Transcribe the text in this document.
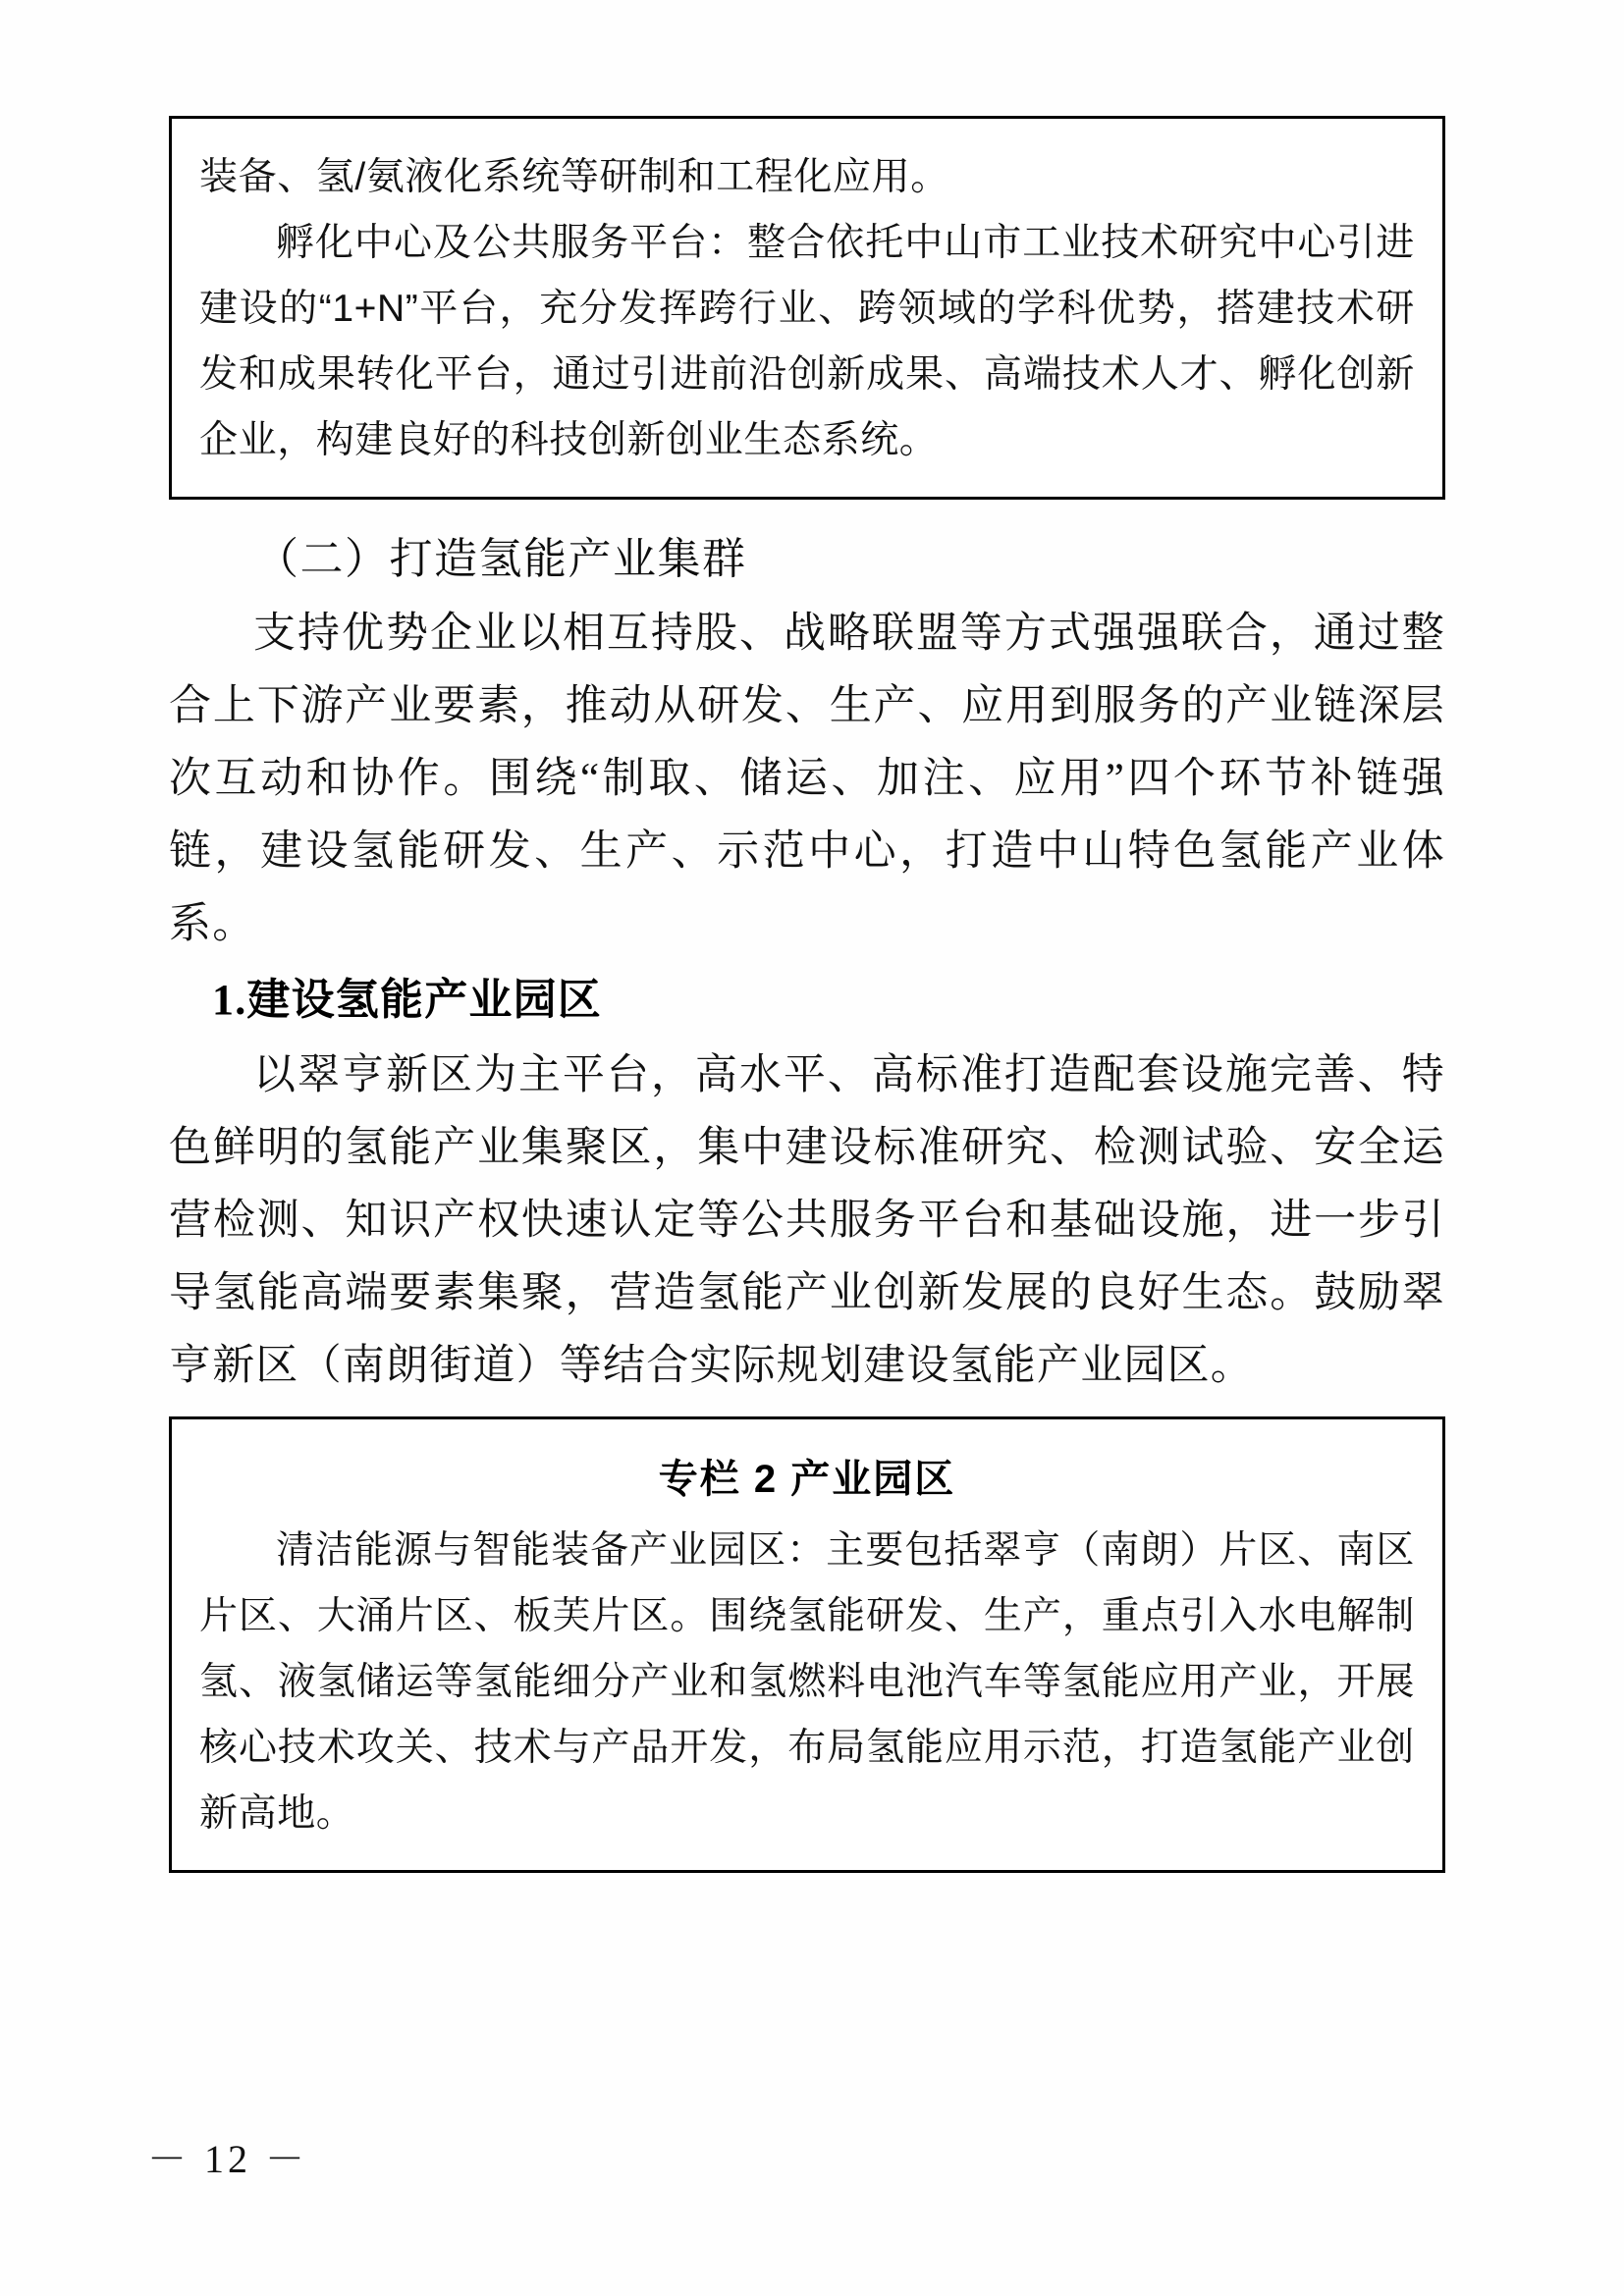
装备、氢/氨液化系统等研制和工程化应用。
孵化中心及公共服务平台：整合依托中山市工业技术研究中心引进建设的“1+N”平台，充分发挥跨行业、跨领域的学科优势，搭建技术研发和成果转化平台，通过引进前沿创新成果、高端技术人才、孵化创新企业，构建良好的科技创新创业生态系统。
（二）打造氢能产业集群
支持优势企业以相互持股、战略联盟等方式强强联合，通过整合上下游产业要素，推动从研发、生产、应用到服务的产业链深层次互动和协作。围绕“制取、储运、加注、应用”四个环节补链强链，建设氢能研发、生产、示范中心，打造中山特色氢能产业体系。
1.建设氢能产业园区
以翠亨新区为主平台，高水平、高标准打造配套设施完善、特色鲜明的氢能产业集聚区，集中建设标准研究、检测试验、安全运营检测、知识产权快速认定等公共服务平台和基础设施，进一步引导氢能高端要素集聚，营造氢能产业创新发展的良好生态。鼓励翠亨新区（南朗街道）等结合实际规划建设氢能产业园区。
专栏 2 产业园区
清洁能源与智能装备产业园区：主要包括翠亨（南朗）片区、南区片区、大涌片区、板芙片区。围绕氢能研发、生产，重点引入水电解制氢、液氢储运等氢能细分产业和氢燃料电池汽车等氢能应用产业，开展核心技术攻关、技术与产品开发，布局氢能应用示范，打造氢能产业创新高地。
－ 12 －
